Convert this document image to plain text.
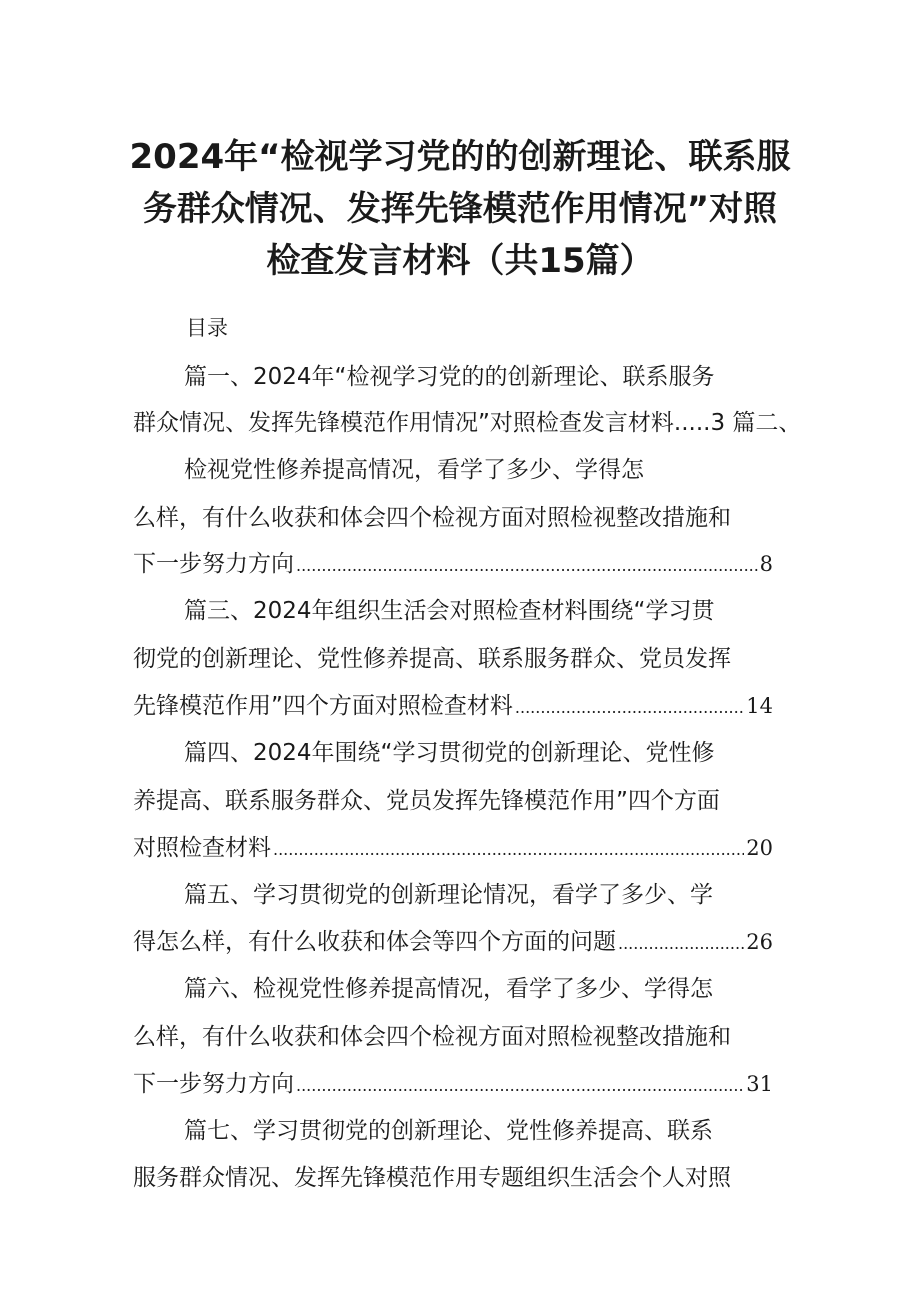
2024年“检视学习党的的创新理论、联系服
务群众情况、发挥先锋模范作用情况”对照
检查发言材料（共15篇）
目录
篇一、2024年“检视学习党的的创新理论、联系服务
群众情况、发挥先锋模范作用情况”对照检查发言材料.....3 篇二、
检视党性修养提高情况，看学了多少、学得怎
么样，有什么收获和体会四个检视方面对照检视整改措施和
下一步努力方向 .....	8
篇三、2024年组织生活会对照检查材料围绕“学习贯
彻党的创新理论、党性修养提高、联系服务群众、党员发挥
先锋模范作用”四个方面对照检查材料 .....	14
篇四、2024年围绕“学习贯彻党的创新理论、党性修
养提高、联系服务群众、党员发挥先锋模范作用”四个方面
对照检查材料 .....	20
篇五、学习贯彻党的创新理论情况，看学了多少、学
得怎么样，有什么收获和体会等四个方面的问题 .....	26
篇六、检视党性修养提高情况，看学了多少、学得怎
么样，有什么收获和体会四个检视方面对照检视整改措施和
下一步努力方向 .....	31
篇七、学习贯彻党的创新理论、党性修养提高、联系
服务群众情况、发挥先锋模范作用专题组织生活会个人对照
